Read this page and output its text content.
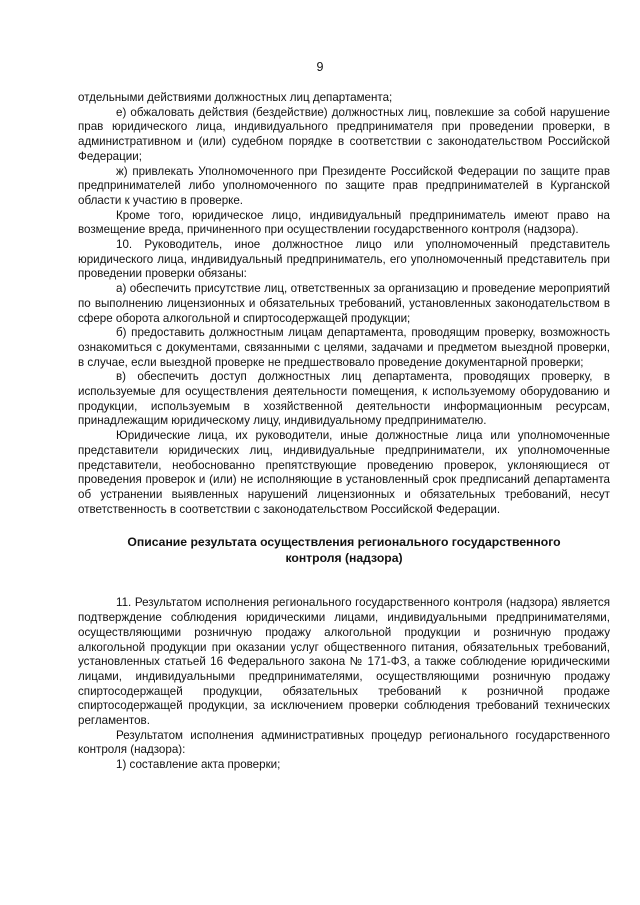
9

отдельными действиями должностных лиц департамента;

е) обжаловать действия (бездействие) должностных лиц, повлекшие за собой нарушение прав юридического лица, индивидуального предпринимателя при проведении проверки, в административном и (или) судебном порядке в соответствии с законодательством Российской Федерации;

ж) привлекать Уполномоченного при Президенте Российской Федерации по защите прав предпринимателей либо уполномоченного по защите прав предпринимателей в Курганской области к участию в проверке.

Кроме того, юридическое лицо, индивидуальный предприниматель имеют право на возмещение вреда, причиненного при осуществлении государственного контроля (надзора).

10. Руководитель, иное должностное лицо или уполномоченный представитель юридического лица, индивидуальный предприниматель, его уполномоченный представитель при проведении проверки обязаны:

а) обеспечить присутствие лиц, ответственных за организацию и проведение мероприятий по выполнению лицензионных и обязательных требований, установленных законодательством в сфере оборота алкогольной и спиртосодержащей продукции;

б) предоставить должностным лицам департамента, проводящим проверку, возможность ознакомиться с документами, связанными с целями, задачами и предметом выездной проверки, в случае, если выездной проверке не предшествовало проведение документарной проверки;

в) обеспечить доступ должностных лиц департамента, проводящих проверку, в используемые для осуществления деятельности помещения, к используемому оборудованию и продукции, используемым в хозяйственной деятельности информационным ресурсам, принадлежащим юридическому лицу, индивидуальному предпринимателю.

Юридические лица, их руководители, иные должностные лица или уполномоченные представители юридических лиц, индивидуальные предприниматели, их уполномоченные представители, необоснованно препятствующие проведению проверок, уклоняющиеся от проведения проверок и (или) не исполняющие в установленный срок предписаний департамента об устранении выявленных нарушений лицензионных и обязательных требований, несут ответственность в соответствии с законодательством Российской Федерации.

Описание результата осуществления регионального государственного
контроля (надзора)

11. Результатом исполнения регионального государственного контроля (надзора) является подтверждение соблюдения юридическими лицами, индивидуальными предпринимателями, осуществляющими розничную продажу алкогольной продукции и розничную продажу алкогольной продукции при оказании услуг общественного питания, обязательных требований, установленных статьей 16 Федерального закона № 171-ФЗ, а также соблюдение юридическими лицами, индивидуальными предпринимателями, осуществляющими розничную продажу спиртосодержащей продукции, обязательных требований к розничной продаже спиртосодержащей продукции, за исключением проверки соблюдения требований технических регламентов.

Результатом исполнения административных процедур регионального государственного контроля (надзора):

1) составление акта проверки;
